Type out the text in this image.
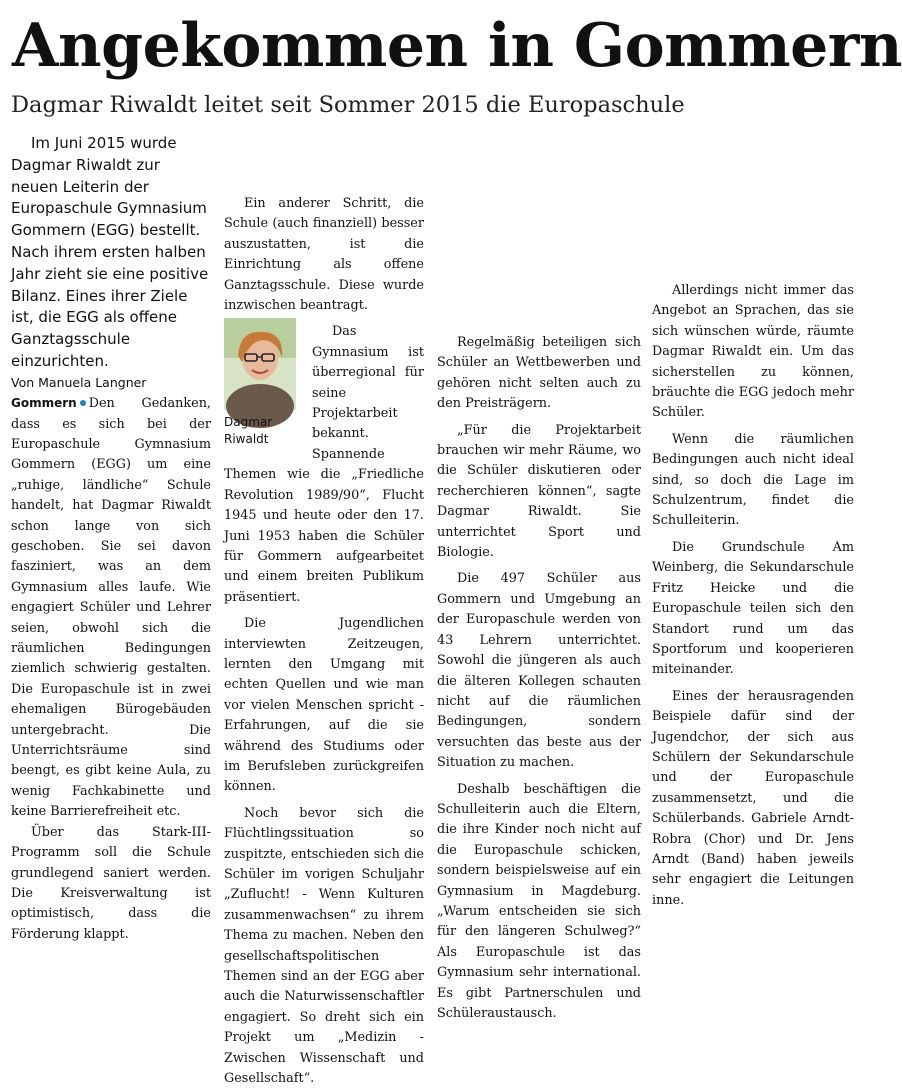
Angekommen in Gommern
Dagmar Riwaldt leitet seit Sommer 2015 die Europaschule

Im Juni 2015 wurde Dagmar Riwaldt zur neuen Leiterin der Europaschule Gymnasium Gommern (EGG) bestellt. Nach ihrem ersten halben Jahr zieht sie eine positive Bilanz. Eines ihrer Ziele ist, die EGG als offene Ganztagsschule einzurichten.

Von Manuela Langner

Gommern Den Gedanken, dass es sich bei der Europaschule Gymnasium Gommern (EGG) um eine „ruhige, ländliche“ Schule handelt, hat Dagmar Riwaldt schon lange von sich geschoben. Sie sei davon fasziniert, was an dem Gymnasium alles laufe. Wie engagiert Schüler und Lehrer seien, obwohl sich die räumlichen Bedingungen ziemlich schwierig gestalten. Die Europaschule ist in zwei ehemaligen Bürogebäuden untergebracht. Die Unterrichtsräume sind beengt, es gibt keine Aula, zu wenig Fachkabinette und keine Barrierefreiheit etc.

Über das Stark-III-Programm soll die Schule grundlegend saniert werden. Die Kreisverwaltung ist optimistisch, dass die Förderung klappt.

Ein anderer Schritt, die Schule (auch finanziell) besser auszustatten, ist die Einrichtung als offene Ganztagsschule. Diese wurde inzwischen beantragt.

Dagmar Riwaldt

Das Gymnasium ist überregional für seine Projektarbeit bekannt. Spannende Themen wie die „Friedliche Revolution 1989/90“, Flucht 1945 und heute oder den 17. Juni 1953 haben die Schüler für Gommern aufgearbeitet und einem breiten Publikum präsentiert.

Die Jugendlichen interviewten Zeitzeugen, lernten den Umgang mit echten Quellen und wie man vor vielen Menschen spricht - Erfahrungen, auf die sie während des Studiums oder im Berufsleben zurückgreifen können.

Noch bevor sich die Flüchtlingssituation so zuspitzte, entschieden sich die Schüler im vorigen Schuljahr „Zuflucht! - Wenn Kulturen zusammenwachsen“ zu ihrem Thema zu machen. Neben den gesellschaftspolitischen Themen sind an der EGG aber auch die Naturwissenschaftler engagiert. So dreht sich ein Projekt um „Medizin - Zwischen Wissenschaft und Gesellschaft“.

Regelmäßig beteiligen sich Schüler an Wettbewerben und gehören nicht selten auch zu den Preisträgern.

„Für die Projektarbeit brauchen wir mehr Räume, wo die Schüler diskutieren oder recherchieren können“, sagte Dagmar Riwaldt. Sie unterrichtet Sport und Biologie.

Die 497 Schüler aus Gommern und Umgebung an der Europaschule werden von 43 Lehrern unterrichtet. Sowohl die jüngeren als auch die älteren Kollegen schauten nicht auf die räumlichen Bedingungen, sondern versuchten das beste aus der Situation zu machen.

Deshalb beschäftigen die Schulleiterin auch die Eltern, die ihre Kinder noch nicht auf die Europaschule schicken, sondern beispielsweise auf ein Gymnasium in Magdeburg. „Warum entscheiden sie sich für den längeren Schulweg?“ Als Europaschule ist das Gymnasium sehr international. Es gibt Partnerschulen und Schüleraustausch.

Allerdings nicht immer das Angebot an Sprachen, das sie sich wünschen würde, räumte Dagmar Riwaldt ein. Um das sicherstellen zu können, bräuchte die EGG jedoch mehr Schüler.

Wenn die räumlichen Bedingungen auch nicht ideal sind, so doch die Lage im Schulzentrum, findet die Schulleiterin.

Die Grundschule Am Weinberg, die Sekundarschule Fritz Heicke und die Europaschule teilen sich den Standort rund um das Sportforum und kooperieren miteinander.

Eines der herausragenden Beispiele dafür sind der Jugendchor, der sich aus Schülern der Sekundarschule und der Europaschule zusammensetzt, und die Schülerbands. Gabriele Arndt-Robra (Chor) und Dr. Jens Arndt (Band) haben jeweils sehr engagiert die Leitungen inne.
